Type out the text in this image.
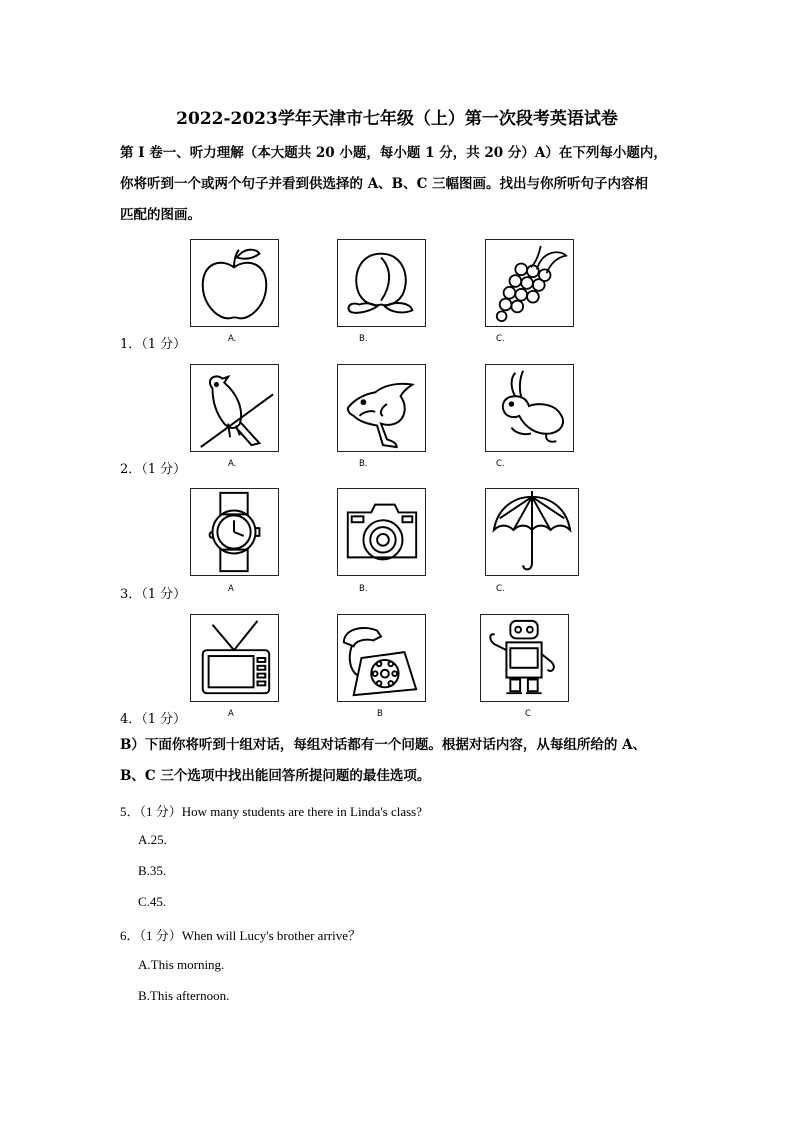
2022-2023学年天津市七年级（上）第一次段考英语试卷
第 I 卷一、听力理解（本大题共 20 小题，每小题 1 分，共 20 分）A）在下列每小题内，
你将听到一个或两个句子并看到供选择的 A、B、C 三幅图画。找出与你所听句子内容相
匹配的图画。
1．（1 分）	A.	B.	C.
2．（1 分）	A.	B.	C.
3．（1 分）	A	B.	C.
4．（1 分）	A	B	C
B）下面你将听到十组对话，每组对话都有一个问题。根据对话内容，从每组所给的 A、
B、C 三个选项中找出能回答所提问题的最佳选项。
5．（1 分）How many students are there in Linda's class?
A.25.
B.35.
C.45.
6．（1 分）When will Lucy's brother arrive？
A.This morning.
B.This afternoon.
